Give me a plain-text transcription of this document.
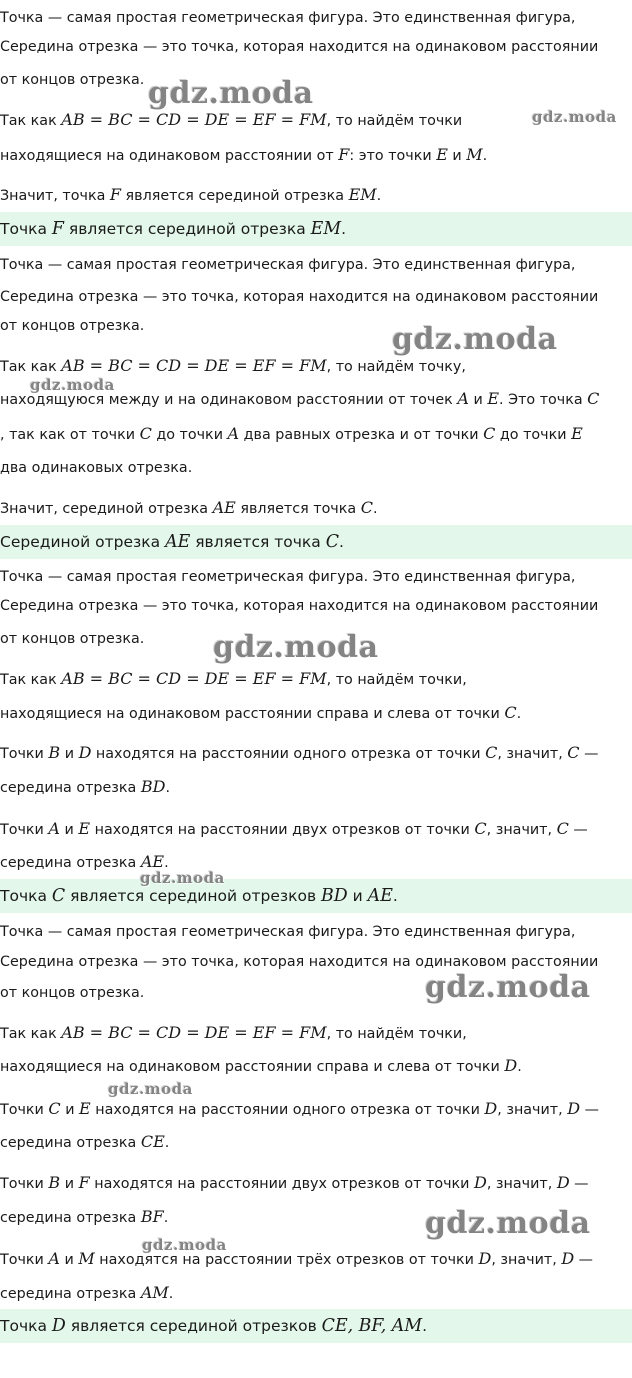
Точка — самая простая геометрическая фигура. Это единственная фигура,
Середина отрезка — это точка, которая находится на одинаковом расстоянии
от концов отрезка.
Так как AB = BC = CD = DE = EF = FM, то найдём точки
находящиеся на одинаковом расстоянии от F: это точки E и M.
Значит, точка F является серединой отрезка EM.
Точка F является серединой отрезка EM.
Точка — самая простая геометрическая фигура. Это единственная фигура,
Середина отрезка — это точка, которая находится на одинаковом расстоянии
от концов отрезка.
Так как AB = BC = CD = DE = EF = FM, то найдём точку,
находящуюся между и на одинаковом расстоянии от точек A и E. Это точка C
, так как от точки C до точки A два равных отрезка и от точки C до точки E
два одинаковых отрезка.
Значит, серединой отрезка AE является точка C.
Серединой отрезка AE является точка C.
Точка — самая простая геометрическая фигура. Это единственная фигура,
Середина отрезка — это точка, которая находится на одинаковом расстоянии
от концов отрезка.
Так как AB = BC = CD = DE = EF = FM, то найдём точки,
находящиеся на одинаковом расстоянии справа и слева от точки C.
Точки B и D находятся на расстоянии одного отрезка от точки C, значит, C —
середина отрезка BD.
Точки A и E находятся на расстоянии двух отрезков от точки C, значит, C —
середина отрезка AE.
Точка C является серединой отрезков BD и AE.
Точка — самая простая геометрическая фигура. Это единственная фигура,
Середина отрезка — это точка, которая находится на одинаковом расстоянии
от концов отрезка.
Так как AB = BC = CD = DE = EF = FM, то найдём точки,
находящиеся на одинаковом расстоянии справа и слева от точки D.
Точки C и E находятся на расстоянии одного отрезка от точки D, значит, D —
середина отрезка CE.
Точки B и F находятся на расстоянии двух отрезков от точки D, значит, D —
середина отрезка BF.
Точки A и M находятся на расстоянии трёх отрезков от точки D, значит, D —
середина отрезка AM.
Точка D является серединой отрезков CE, BF, AM.
gdz.moda
gdz.moda
gdz.moda
gdz.moda
gdz.moda
gdz.moda
gdz.moda
gdz.moda
gdz.moda
gdz.moda
